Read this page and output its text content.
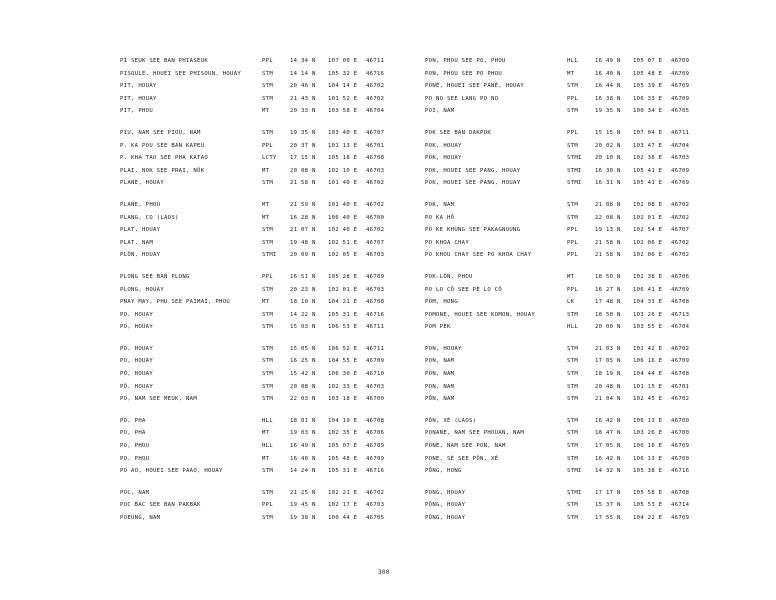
PI SEUK SEE BAN PHIASEUK	PPL	14 34 N 107 00 E 46711
PISOULE, HOUEI SEE PHISOUN, HOUAY	STM	14 14 N 105 32 E 46716
PIT, HOUAY	STM	20 46 N 104 14 E 46702
PIT, HOUAY	STM	21 43 N 101 52 E 46702
PIT, PHOU	MT	20 33 N 103 58 E 46704
PIU, NAM SEE PIOU, NAM	STM	19 35 N 103 40 E 46707
P. KA POU SEE BAN KAPEU	PPL	20 37 N 101 13 E 46701
P. KHA TAO SEE PHA KATAO	LCTY 17 15 N 105 18 E 46708
PLAI, NOK SEE PRAI, NÔK	MT	20 08 N 102 10 E 46703
PLANE, HOUAY	STM	21 58 N 101 40 E 46702
PLANE, PHOU	MT	21 59 N 101 40 E 46702
PLANG, CO (LAOS)	MT	16 28 N 106 40 E 46700
PLAT, HOUAY	STM	21 07 N 102 40 E 46702
PLAT, NAM	STM	19 48 N 102 51 E 46707
PLÔN, HOUAY	STMI 20 09 N 102 05 E 46703
PLONG SEE BAN PLONG	PPL	16 51 N 105 28 E 46709
PLONG, HOUAY	STM	20 23 N 102 01 E 46703
PNAY MAY, PHU SEE PAIMAI, PHOU	MT	18 10 N 104 21 E 46708
PO, HOUAY	STM	14 22 N 105 31 E 46716
PO, HOUAY	STM	15 03 N 106 53 E 46711
PO, HOUAY	STM	15 05 N 106 52 E 46711
PO, HOUAY	STM	16 25 N 104 55 E 46709
PÔ, HOUAY	STM	15 42 N 106 30 E 46710
PÔ, HOUAY	STM	20 08 N 102 33 E 46703
PO, NAM SEE MEUK, NAM	STM	22 03 N 103 18 E 46700
PO, PHA	HLL	18 01 N 104 19 E 46708
PO, PHA	MT	19 03 N 102 35 E 46706
PO, PHOU	HLL	16 49 N 105 07 E 46709
PO, PHOU	MT	16 40 N 105 48 E 46709
PO AO, HOUEI SEE PAAO, HOUAY	STM	14 24 N 105 31 E 46716
POC, NAM	STM	21 25 N 102 21 E 46702
POC BAC SEE BAN PAKBAK	PPL	19 45 N 102 17 E 46703
POEUNG, NAM	STM	19 38 N 100 44 E 46705
PON, PHOU SEE PO, PHOU	HLL	16 49 N 105 07 E 46709
PON, PHOU SEE PO PHOU	MT	16 40 N 105 48 E 46709
PONÉ, HOUEI SEE PANÉ, HOUAY	STM	16 44 N 105 39 E 46709
PO NO SEE LANG PO NO	PPL	16 38 N 106 33 E 46709
POI, NAM	STM	19 35 N 100 34 E 46705
POK SEE BAN DAKPOK	PPL	15 15 N 107 04 E 46711
POK, HOUAY	STM	20 02 N 103 47 E 46704
POK, HOUAY	STMI 20 10 N 102 36 E 46703
POK, HOUEI SEE PANG, HOUAY	STMI 16 30 N 105 41 E 46709
POK, HOUEI SEE PANG, HOUAY	STMI 16 31 N 105 41 E 46709
POK, NAM	STM	21 08 N 102 08 E 46702
PO KA HÔ	STM	22 08 N 102 01 E 46702
PO KE KHUNG SEE PAKAGNOUNG	PPL	19 13 N 102 54 E 46707
PO KHOA CHAY	PPL	21 58 N 102 06 E 46702
PO KHOU CHAY SEE PO KHOA CHAY	PPL	21 58 N 102 06 E 46702
POK-LÔN, PHOU	MT	18 50 N 102 38 E 46706
PO LO CÔ SEE PÉ LO CÔ	PPL	16 27 N 106 41 E 46709
POM, HONG	LK	17 48 N 104 33 E 46708
POMONE, HOUEI SEE KOMON, HOUAY	STM	18 50 N 103 26 E 46713
POM PÈK	HLL	20 00 N 103 55 E 46704
PON, HOUAY	STM	21 03 N 102 42 E 46702
PON, NAM	STM	17 05 N 106 16 E 46709
PON, NAM	STM	18 19 N 104 44 E 46708
PON, NAM	STM	20 48 N 101 15 E 46701
PÔN, NAM	STM	21 04 N 102 45 E 46702
PÔN, XÉ (LAOS)	STM	16 42 N 106 13 E 46700
PONANE, NAM SEE PHOUAN, NAM	STM	18 47 N 103 26 E 46700
PONE, NAM SEE PON, NAM	STM	17 05 N 106 16 E 46709
PONE, SÉ SEE PÔN, XÉ	STM	16 42 N 106 13 E 46700
PÔNG, HONG	STMI 14 32 N 105 38 E 46716
PONG, HOUAY	STMI 17 17 N 105 58 E 46708
PÔNG, HOUAY	STM	15 37 N 105 53 E 46714
PÔNG, HOUAY	STM	17 55 N 104 22 E 46709
300
